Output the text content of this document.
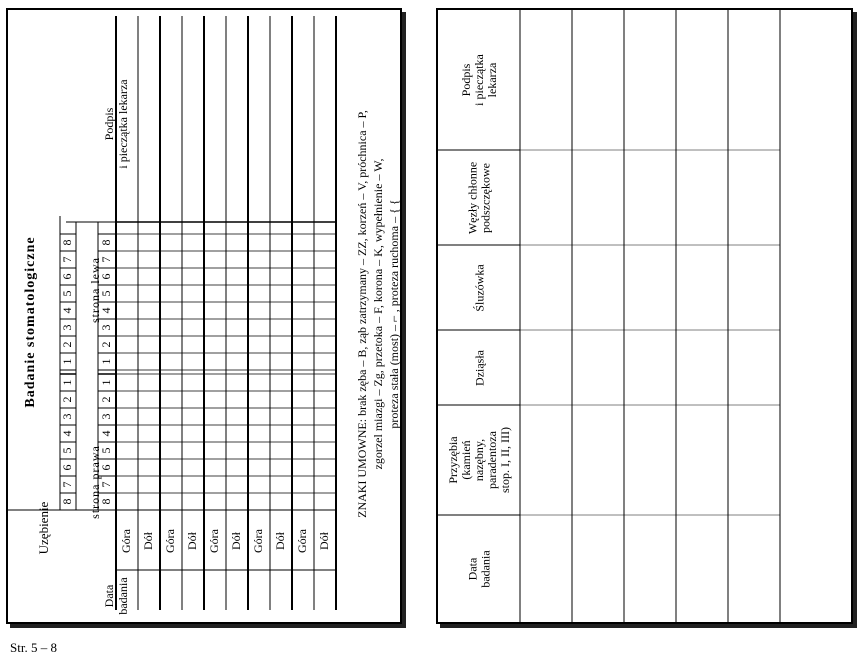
8
7
6
5
4
3
2
1
1
2
3
4
5
6
7
8
8
7
6
5
4
3
2
1
1
2
3
4
5
6
7
8
Góra Dół Góra Dół Góra Dół Góra Dół Góra Dół
Badanie stomatologiczne
Uzębienie
strona prawa
strona lewa
Data
badania
Podpis
i pieczątka lekarza
ZNAKI UMOWNE: brak zęba – B, ząb zatrzymany – ZZ, korzeń – V, próchnica – P, zgorzel miazgi – Zg, przetoka – F, korona – K, wypełnienie – W, proteza stała (most) – ⌐ , proteza ruchoma – { {
Data
badania
Przyzębia
(kamień
nazębny,
paradentoza
stop. I, II, III)
Dziąsła
Śluzówka
Węzły chłonne
podszczękowe
Podpis
i pieczątka
lekarza
Str. 5 – 8
